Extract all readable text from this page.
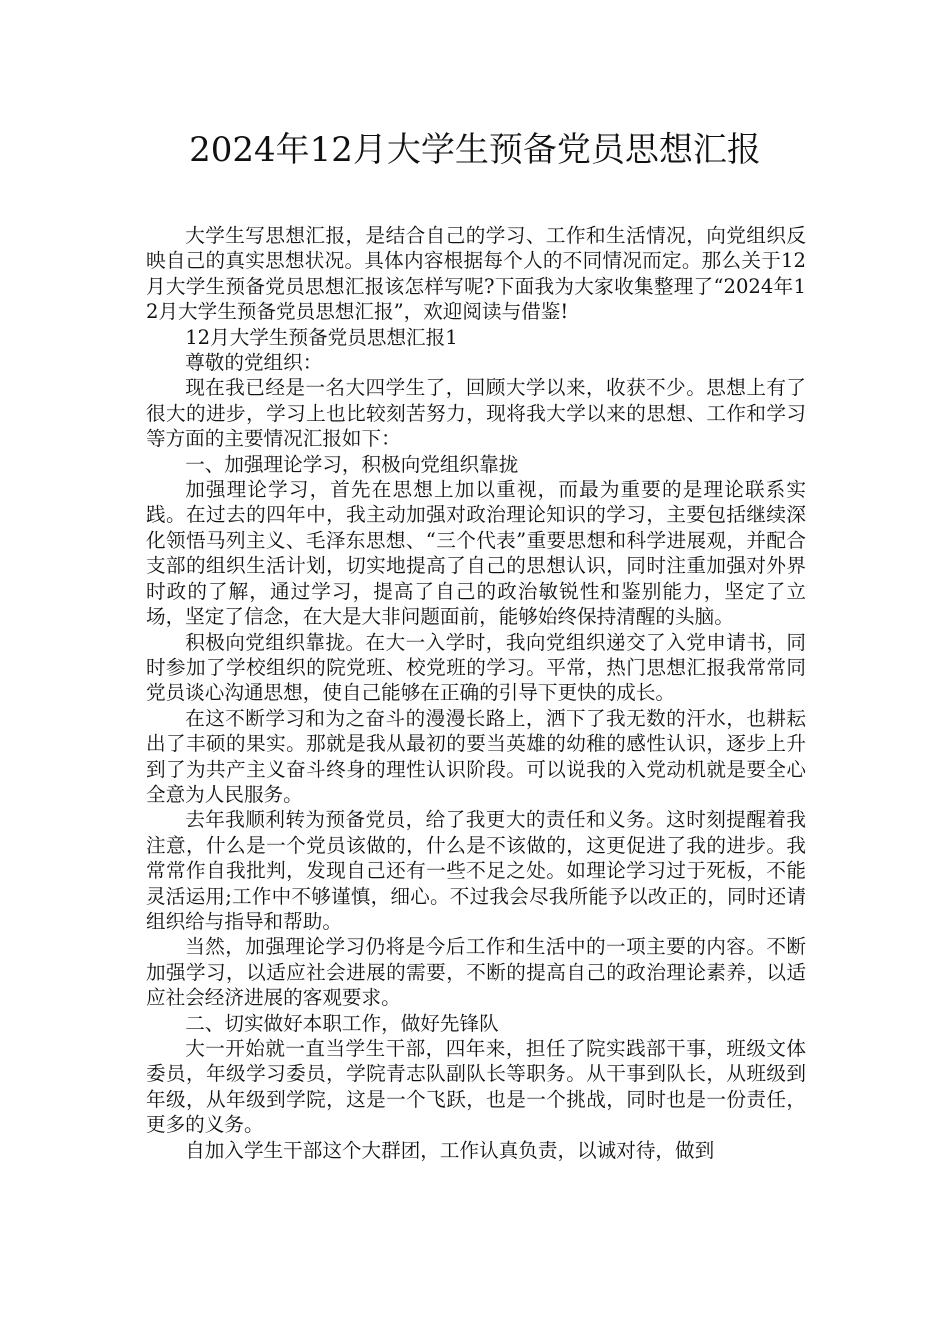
2024年12月大学生预备党员思想汇报

大学生写思想汇报，是结合自己的学习、工作和生活情况，向党组织反映自己的真实思想状况。具体内容根据每个人的不同情况而定。那么关于12月大学生预备党员思想汇报该怎样写呢?下面我为大家收集整理了“2024年12月大学生预备党员思想汇报”，欢迎阅读与借鉴!

12月大学生预备党员思想汇报1

尊敬的党组织：

现在我已经是一名大四学生了，回顾大学以来，收获不少。思想上有了很大的进步，学习上也比较刻苦努力，现将我大学以来的思想、工作和学习等方面的主要情况汇报如下：

一、加强理论学习，积极向党组织靠拢

加强理论学习，首先在思想上加以重视，而最为重要的是理论联系实践。在过去的四年中，我主动加强对政治理论知识的学习，主要包括继续深化领悟马列主义、毛泽东思想、“三个代表”重要思想和科学进展观，并配合支部的组织生活计划，切实地提高了自己的思想认识，同时注重加强对外界时政的了解，通过学习，提高了自己的政治敏锐性和鉴别能力，坚定了立场，坚定了信念，在大是大非问题面前，能够始终保持清醒的头脑。

积极向党组织靠拢。在大一入学时，我向党组织递交了入党申请书，同时参加了学校组织的院党班、校党班的学习。平常，热门思想汇报我常常同党员谈心沟通思想，使自己能够在正确的引导下更快的成长。

在这不断学习和为之奋斗的漫漫长路上，洒下了我无数的汗水，也耕耘出了丰硕的果实。那就是我从最初的要当英雄的幼稚的感性认识，逐步上升到了为共产主义奋斗终身的理性认识阶段。可以说我的入党动机就是要全心全意为人民服务。

去年我顺利转为预备党员，给了我更大的责任和义务。这时刻提醒着我注意，什么是一个党员该做的，什么是不该做的，这更促进了我的进步。我常常作自我批判，发现自己还有一些不足之处。如理论学习过于死板，不能灵活运用;工作中不够谨慎，细心。不过我会尽我所能予以改正的，同时还请组织给与指导和帮助。

当然，加强理论学习仍将是今后工作和生活中的一项主要的内容。不断加强学习，以适应社会进展的需要，不断的提高自己的政治理论素养，以适应社会经济进展的客观要求。

二、切实做好本职工作，做好先锋队

大一开始就一直当学生干部，四年来，担任了院实践部干事，班级文体委员，年级学习委员，学院青志队副队长等职务。从干事到队长，从班级到年级，从年级到学院，这是一个飞跃，也是一个挑战，同时也是一份责任，更多的义务。

自加入学生干部这个大群团，工作认真负责，以诚对待，做到
